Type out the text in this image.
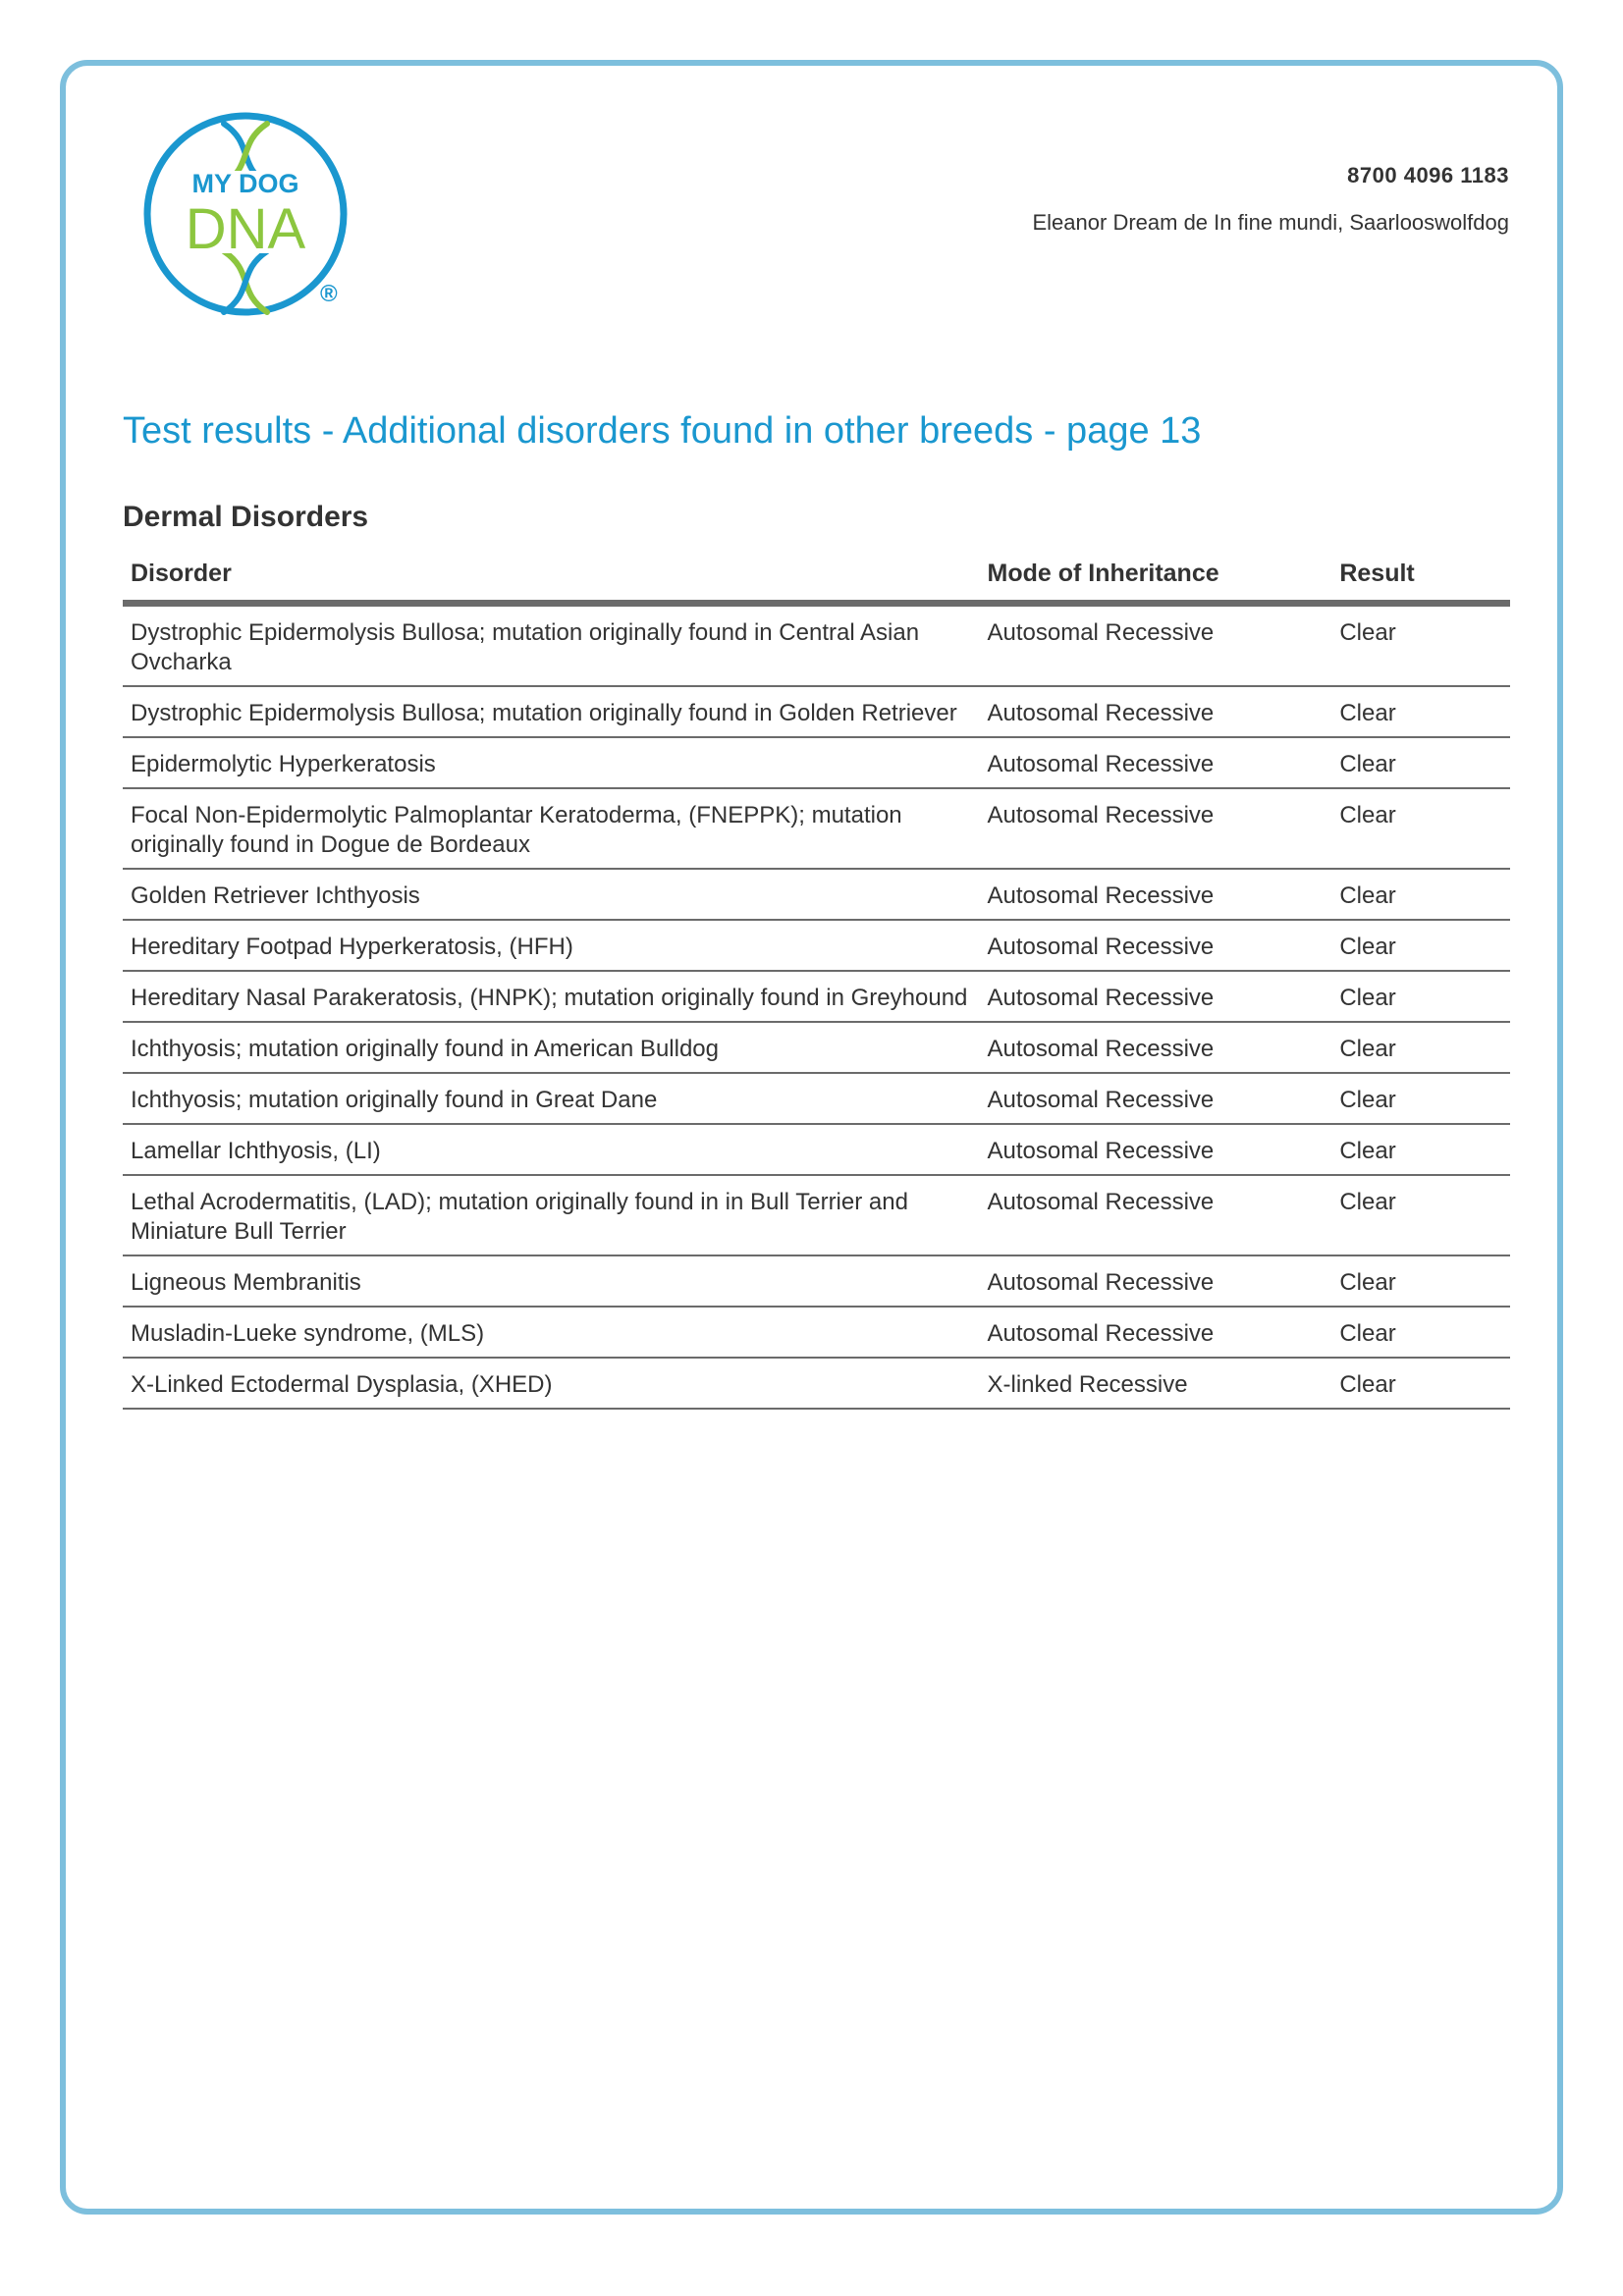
MY DOG
DNA
®
8700 4096 1183
Eleanor Dream de In fine mundi, Saarlooswolfdog
Test results - Additional disorders found in other breeds - page 13
Dermal Disorders
Disorder	Mode of Inheritance	Result
Dystrophic Epidermolysis Bullosa; mutation originally found in Central Asian Ovcharka	Autosomal Recessive	Clear
Dystrophic Epidermolysis Bullosa; mutation originally found in Golden Retriever	Autosomal Recessive	Clear
Epidermolytic Hyperkeratosis	Autosomal Recessive	Clear
Focal Non-Epidermolytic Palmoplantar Keratoderma, (FNEPPK); mutation originally found in Dogue de Bordeaux	Autosomal Recessive	Clear
Golden Retriever Ichthyosis	Autosomal Recessive	Clear
Hereditary Footpad Hyperkeratosis, (HFH)	Autosomal Recessive	Clear
Hereditary Nasal Parakeratosis, (HNPK); mutation originally found in Greyhound	Autosomal Recessive	Clear
Ichthyosis; mutation originally found in American Bulldog	Autosomal Recessive	Clear
Ichthyosis; mutation originally found in Great Dane	Autosomal Recessive	Clear
Lamellar Ichthyosis, (LI)	Autosomal Recessive	Clear
Lethal Acrodermatitis, (LAD); mutation originally found in in Bull Terrier and Miniature Bull Terrier	Autosomal Recessive	Clear
Ligneous Membranitis	Autosomal Recessive	Clear
Musladin-Lueke syndrome, (MLS)	Autosomal Recessive	Clear
X-Linked Ectodermal Dysplasia, (XHED)	X-linked Recessive	Clear
